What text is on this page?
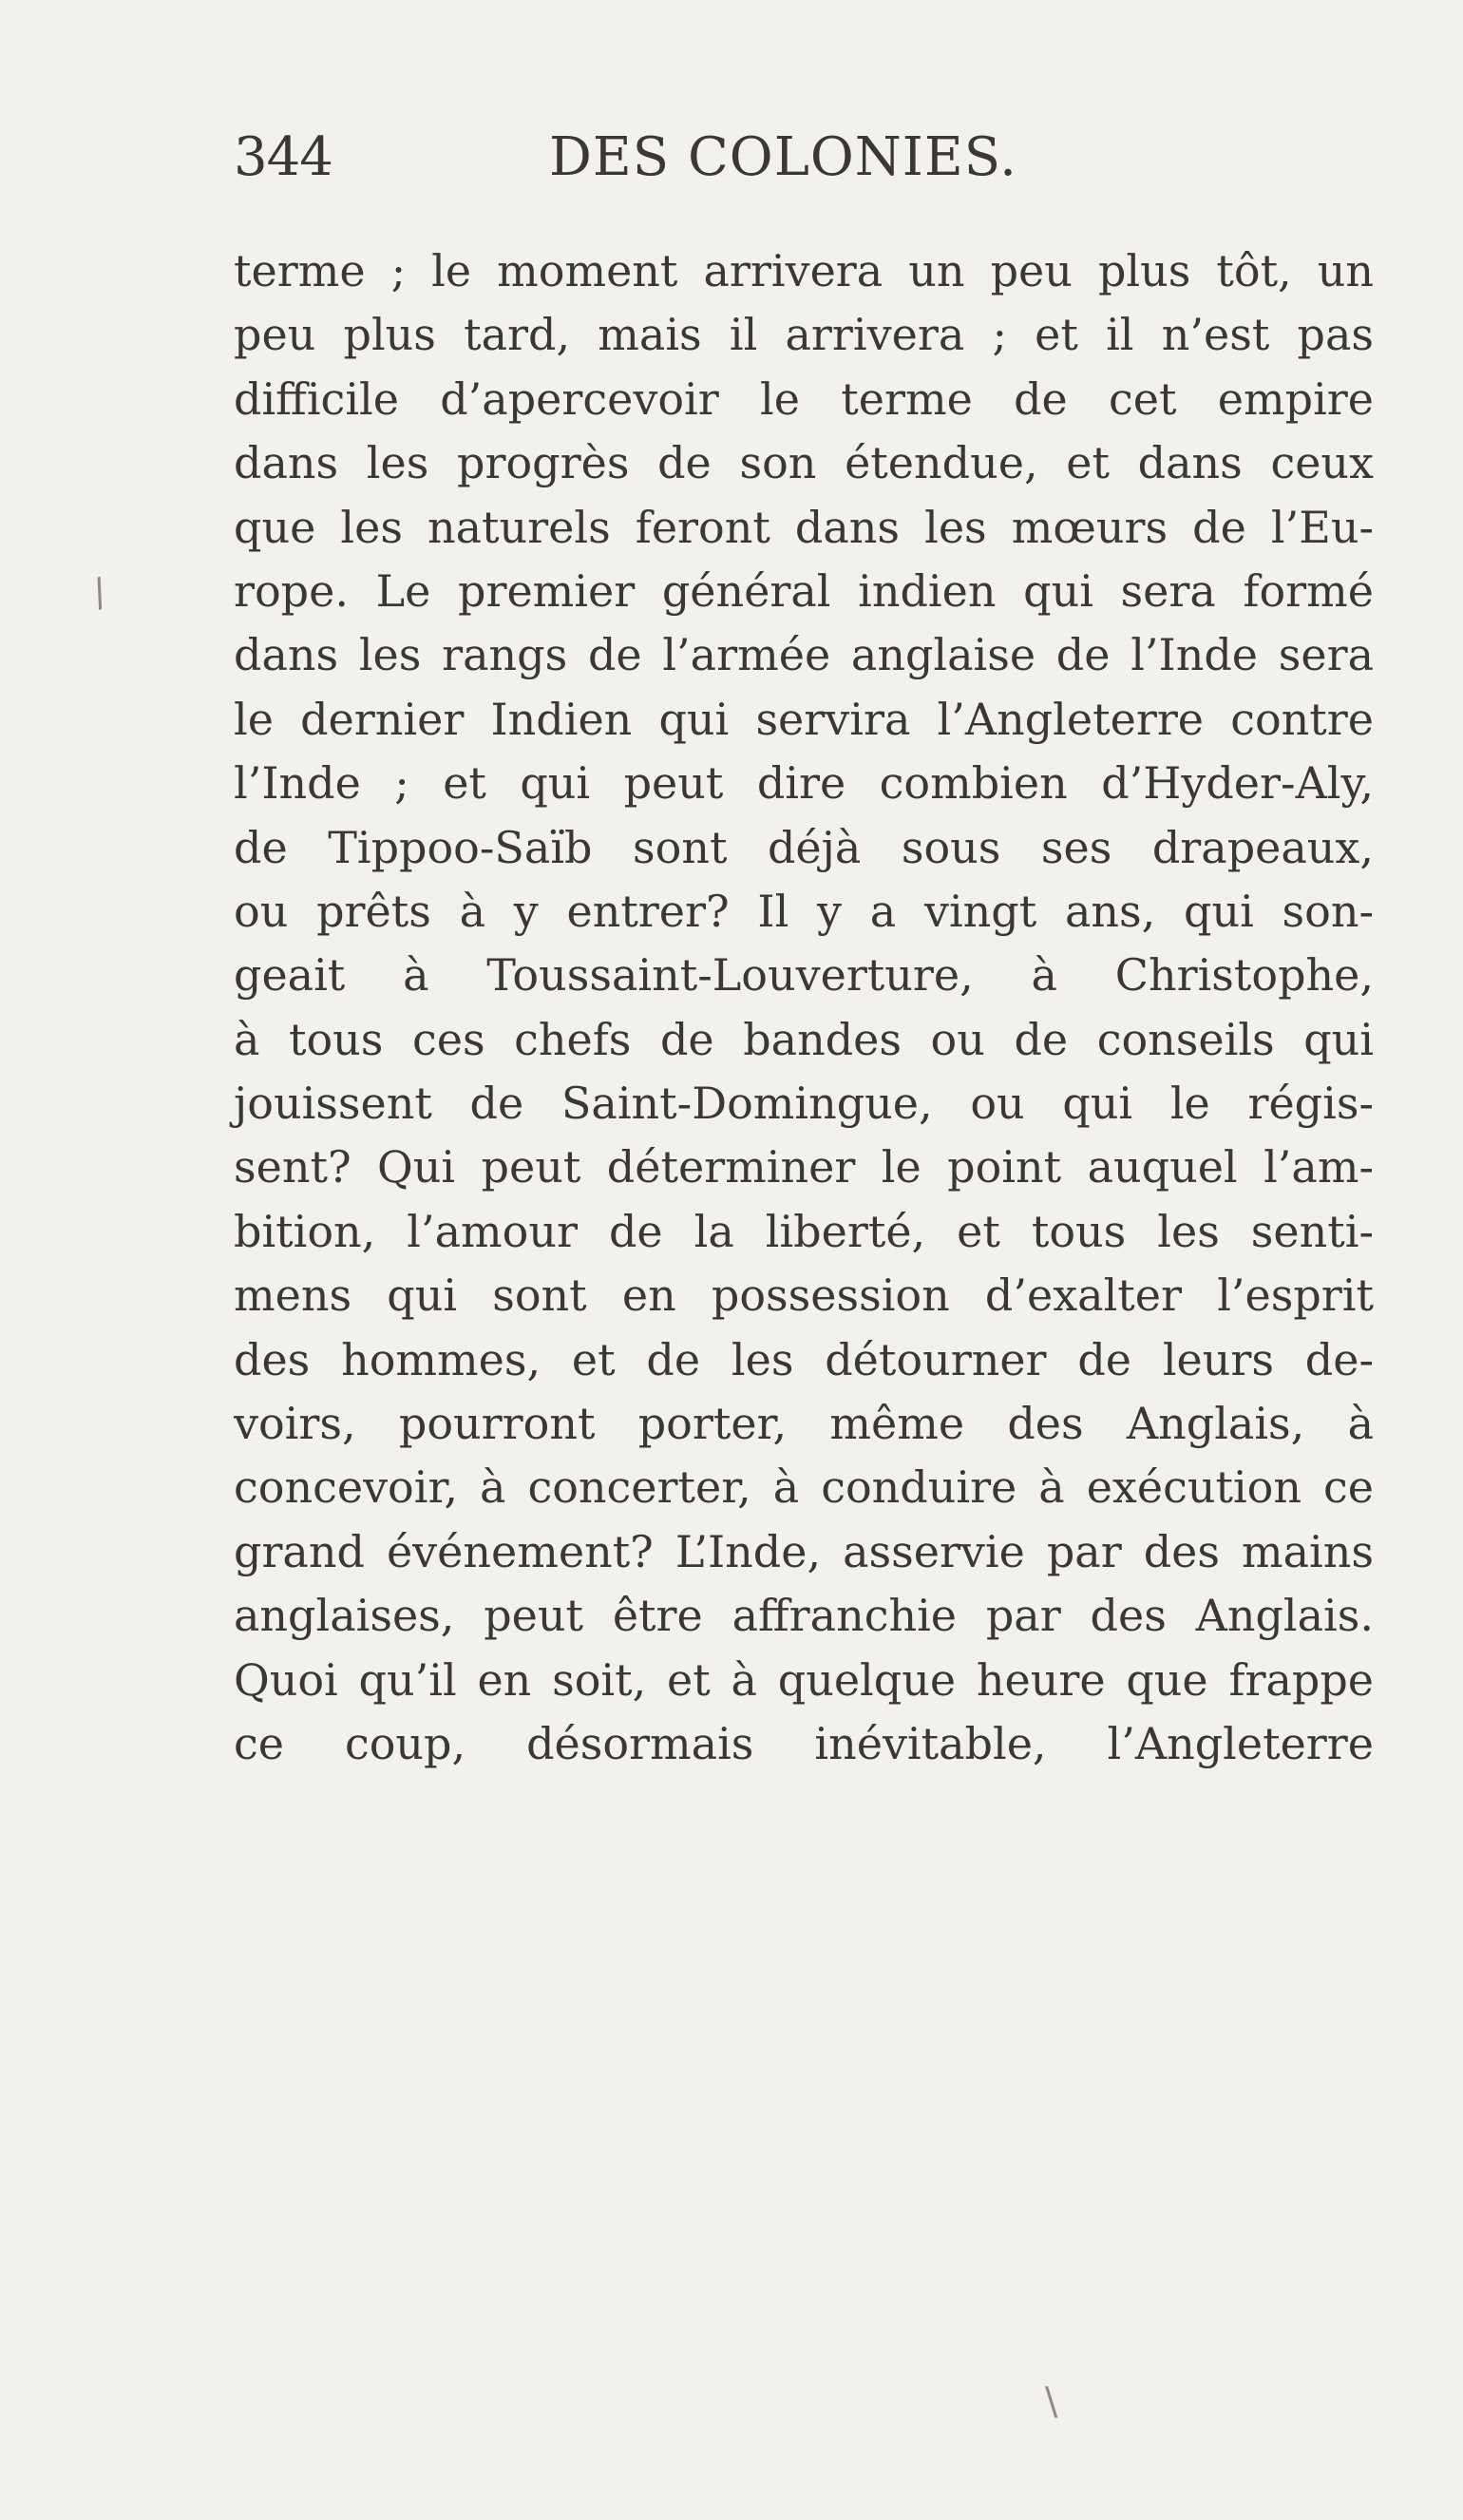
344	DES COLONIES.
terme ; le moment arrivera un peu plus tôt, un
peu plus tard, mais il arrivera ; et il n’est pas
difficile d’apercevoir le terme de cet empire
dans les progrès de son étendue, et dans ceux
que les naturels feront dans les mœurs de l’Eu-
rope. Le premier général indien qui sera formé
dans les rangs de l’armée anglaise de l’Inde sera
le dernier Indien qui servira l’Angleterre contre
l’Inde ; et qui peut dire combien d’Hyder-Aly,
de Tippoo-Saïb sont déjà sous ses drapeaux,
ou prêts à y entrer? Il y a vingt ans, qui son-
geait à Toussaint-Louverture, à Christophe,
à tous ces chefs de bandes ou de conseils qui
jouissent de Saint-Domingue, ou qui le régis-
sent? Qui peut déterminer le point auquel l’am-
bition, l’amour de la liberté, et tous les senti-
mens qui sont en possession d’exalter l’esprit
des hommes, et de les détourner de leurs de-
voirs, pourront porter, même des Anglais, à
concevoir, à concerter, à conduire à exécution ce
grand événement? L’Inde, asservie par des mains
anglaises, peut être affranchie par des Anglais.
Quoi qu’il en soit, et à quelque heure que frappe
ce coup, désormais inévitable, l’Angleterre
/
\
